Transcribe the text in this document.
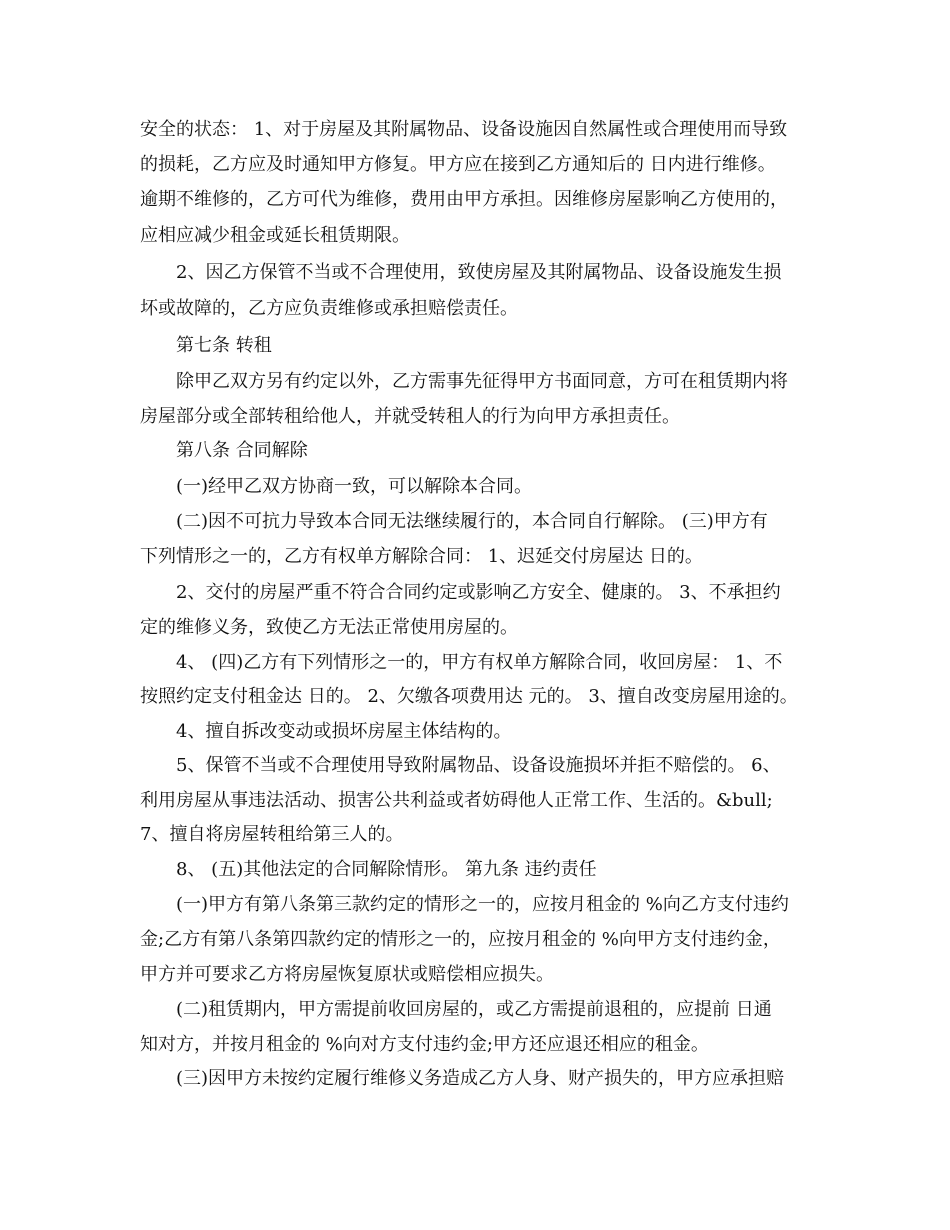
安全的状态： 1、对于房屋及其附属物品、设备设施因自然属性或合理使用而导致
的损耗，乙方应及时通知甲方修复。甲方应在接到乙方通知后的 日内进行维修。
逾期不维修的，乙方可代为维修，费用由甲方承担。因维修房屋影响乙方使用的，
应相应减少租金或延长租赁期限。
2、因乙方保管不当或不合理使用，致使房屋及其附属物品、设备设施发生损
坏或故障的，乙方应负责维修或承担赔偿责任。
第七条 转租
除甲乙双方另有约定以外，乙方需事先征得甲方书面同意，方可在租赁期内将
房屋部分或全部转租给他人，并就受转租人的行为向甲方承担责任。
第八条 合同解除
(一)经甲乙双方协商一致，可以解除本合同。
(二)因不可抗力导致本合同无法继续履行的，本合同自行解除。 (三)甲方有
下列情形之一的，乙方有权单方解除合同： 1、迟延交付房屋达 日的。
2、交付的房屋严重不符合合同约定或影响乙方安全、健康的。 3、不承担约
定的维修义务，致使乙方无法正常使用房屋的。
4、 (四)乙方有下列情形之一的，甲方有权单方解除合同，收回房屋： 1、不
按照约定支付租金达 日的。 2、欠缴各项费用达 元的。 3、擅自改变房屋用途的。
4、擅自拆改变动或损坏房屋主体结构的。
5、保管不当或不合理使用导致附属物品、设备设施损坏并拒不赔偿的。 6、
利用房屋从事违法活动、损害公共利益或者妨碍他人正常工作、生活的。&bull;
7、擅自将房屋转租给第三人的。
8、 (五)其他法定的合同解除情形。 第九条 违约责任
(一)甲方有第八条第三款约定的情形之一的，应按月租金的 %向乙方支付违约
金;乙方有第八条第四款约定的情形之一的，应按月租金的 %向甲方支付违约金，
甲方并可要求乙方将房屋恢复原状或赔偿相应损失。
(二)租赁期内，甲方需提前收回房屋的，或乙方需提前退租的，应提前 日通
知对方，并按月租金的 %向对方支付违约金;甲方还应退还相应的租金。
(三)因甲方未按约定履行维修义务造成乙方人身、财产损失的，甲方应承担赔
